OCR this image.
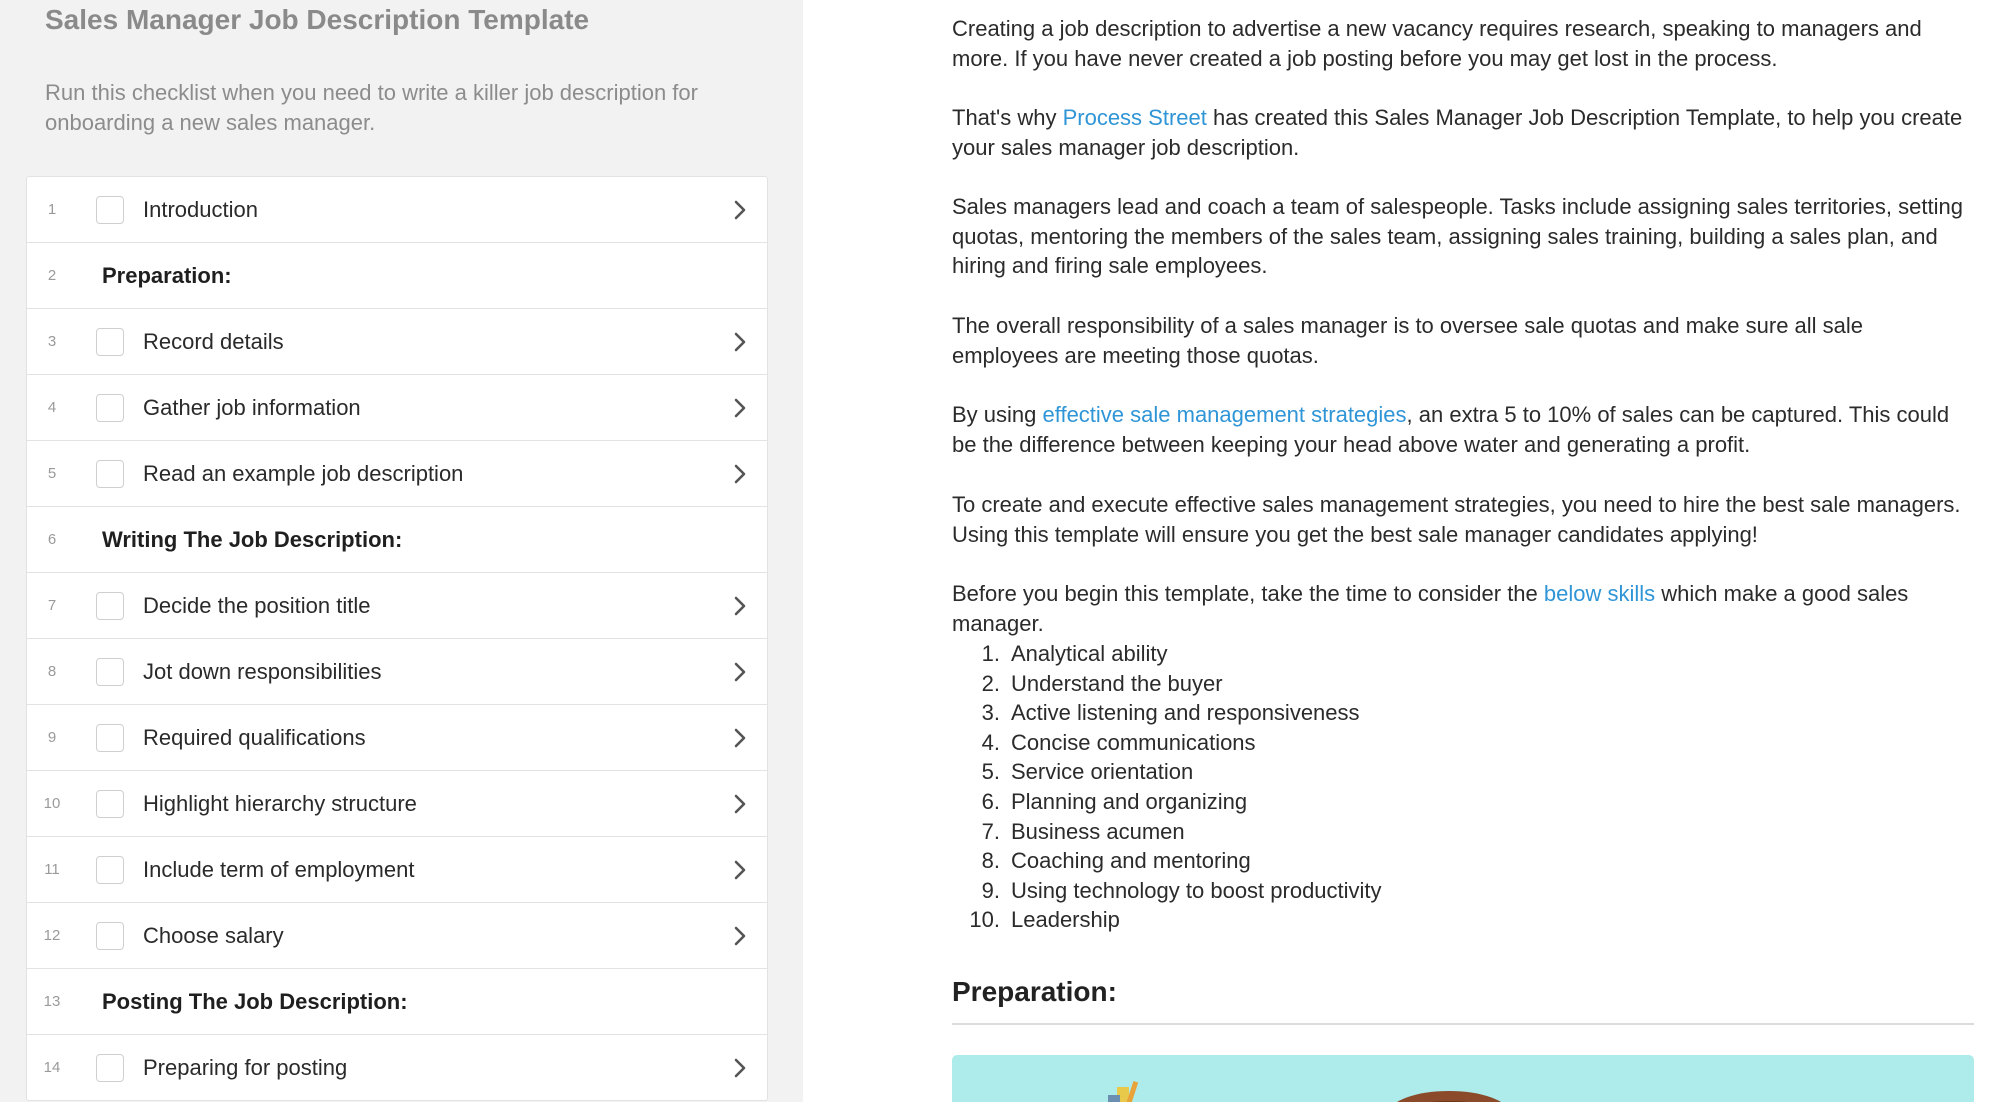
Sales Manager Job Description Template
Run this checklist when you need to write a killer job description for onboarding a new sales manager.
1	Introduction
2	Preparation:
3	Record details
4	Gather job information
5	Read an example job description
6	Writing The Job Description:
7	Decide the position title
8	Jot down responsibilities
9	Required qualifications
10	Highlight hierarchy structure
11	Include term of employment
12	Choose salary
13	Posting The Job Description:
14	Preparing for posting

Creating a job description to advertise a new vacancy requires research, speaking to managers and more. If you have never created a job posting before you may get lost in the process.

That's why Process Street has created this Sales Manager Job Description Template, to help you create your sales manager job description.

Sales managers lead and coach a team of salespeople. Tasks include assigning sales territories, setting quotas, mentoring the members of the sales team, assigning sales training, building a sales plan, and hiring and firing sale employees.

The overall responsibility of a sales manager is to oversee sale quotas and make sure all sale employees are meeting those quotas.

By using effective sale management strategies, an extra 5 to 10% of sales can be captured. This could be the difference between keeping your head above water and generating a profit.

To create and execute effective sales management strategies, you need to hire the best sale managers. Using this template will ensure you get the best sale manager candidates applying!

Before you begin this template, take the time to consider the below skills which make a good sales manager.

1. Analytical ability
2. Understand the buyer
3. Active listening and responsiveness
4. Concise communications
5. Service orientation
6. Planning and organizing
7. Business acumen
8. Coaching and mentoring
9. Using technology to boost productivity
10. Leadership
Preparation:
